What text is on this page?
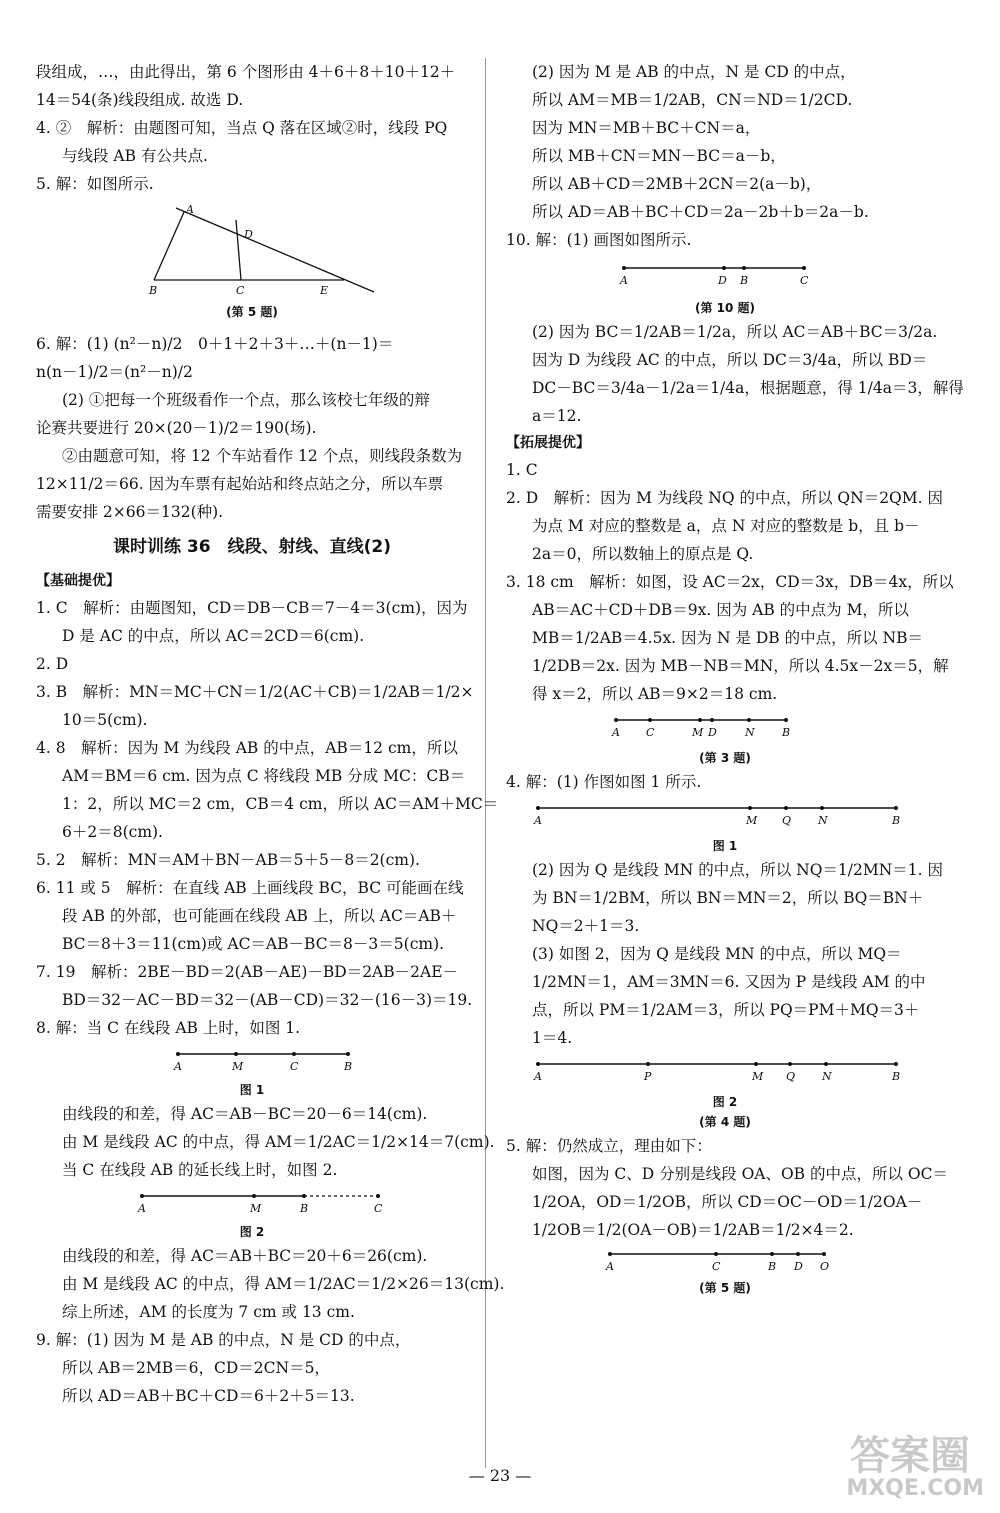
段组成，…，由此得出，第 6 个图形由 4＋6＋8＋10＋12＋

14＝54(条)线段组成. 故选 D.

4. ②　解析：由题图可知，当点 Q 落在区域②时，线段 PQ

与线段 AB 有公共点.

5. 解：如图所示.

A
D
B	C	E
(第 5 题)

6. 解：(1) (n²－n)/2　0＋1＋2＋3＋…＋(n－1)＝

n(n－1)/2＝(n²－n)/2

(2) ①把每一个班级看作一个点，那么该校七年级的辩

论赛共要进行 20×(20－1)/2＝190(场).

②由题意可知，将 12 个车站看作 12 个点，则线段条数为

12×11/2＝66. 因为车票有起始站和终点站之分，所以车票

需要安排 2×66＝132(种).

课时训练 36　线段、射线、直线(2)
【基础提优】

1. C　解析：由题图知，CD＝DB－CB＝7－4＝3(cm)，因为

D 是 AC 的中点，所以 AC＝2CD＝6(cm).

2. D

3. B　解析：MN＝MC＋CN＝1/2(AC＋CB)＝1/2AB＝1/2×

10＝5(cm).

4. 8　解析：因为 M 为线段 AB 的中点，AB＝12 cm，所以

AM＝BM＝6 cm. 因为点 C 将线段 MB 分成 MC：CB＝

1：2，所以 MC＝2 cm，CB＝4 cm，所以 AC＝AM＋MC＝

6＋2＝8(cm).

5. 2　解析：MN＝AM＋BN－AB＝5＋5－8＝2(cm).

6. 11 或 5　解析：在直线 AB 上画线段 BC，BC 可能画在线

段 AB 的外部，也可能画在线段 AB 上，所以 AC＝AB＋

BC＝8＋3＝11(cm)或 AC＝AB－BC＝8－3＝5(cm).

7. 19　解析：2BE－BD＝2(AB－AE)－BD＝2AB－2AE－

BD＝32－AC－BD＝32－(AB－CD)＝32－(16－3)＝19.

8. 解：当 C 在线段 AB 上时，如图 1.

A	M	C	B
图 1

由线段的和差，得 AC＝AB－BC＝20－6＝14(cm).

由 M 是线段 AC 的中点，得 AM＝1/2AC＝1/2×14＝7(cm).

当 C 在线段 AB 的延长线上时，如图 2.

A	M	B	C
图 2

由线段的和差，得 AC＝AB＋BC＝20＋6＝26(cm).

由 M 是线段 AC 的中点，得 AM＝1/2AC＝1/2×26＝13(cm).

综上所述，AM 的长度为 7 cm 或 13 cm.

9. 解：(1) 因为 M 是 AB 的中点，N 是 CD 的中点，

所以 AB＝2MB＝6，CD＝2CN＝5，

所以 AD＝AB＋BC＋CD＝6＋2＋5＝13.

(2) 因为 M 是 AB 的中点，N 是 CD 的中点，

所以 AM＝MB＝1/2AB，CN＝ND＝1/2CD.

因为 MN＝MB＋BC＋CN＝a，

所以 MB＋CN＝MN－BC＝a－b，

所以 AB＋CD＝2MB＋2CN＝2(a－b)，

所以 AD＝AB＋BC＋CD＝2a－2b＋b＝2a－b.

10. 解：(1) 画图如图所示.

A	D B	C
(第 10 题)

(2) 因为 BC＝1/2AB＝1/2a，所以 AC＝AB＋BC＝3/2a.

因为 D 为线段 AC 的中点，所以 DC＝3/4a，所以 BD＝

DC－BC＝3/4a－1/2a＝1/4a，根据题意，得 1/4a＝3，解得

a＝12.

【拓展提优】

1. C

2. D　解析：因为 M 为线段 NQ 的中点，所以 QN＝2QM. 因

为点 M 对应的整数是 a，点 N 对应的整数是 b，且 b－

2a＝0，所以数轴上的原点是 Q.

3. 18 cm　解析：如图，设 AC＝2x，CD＝3x，DB＝4x，所以

AB＝AC＋CD＋DB＝9x. 因为 AB 的中点为 M，所以

MB＝1/2AB＝4.5x. 因为 N 是 DB 的中点，所以 NB＝

1/2DB＝2x. 因为 MB－NB＝MN，所以 4.5x－2x＝5，解

得 x＝2，所以 AB＝9×2＝18 cm.

A C	M D	N B
(第 3 题)

4. 解：(1) 作图如图 1 所示.

A	M Q N	B
图 1

(2) 因为 Q 是线段 MN 的中点，所以 NQ＝1/2MN＝1. 因

为 BN＝1/2BM，所以 BN＝MN＝2，所以 BQ＝BN＋

NQ＝2＋1＝3.

(3) 如图 2，因为 Q 是线段 MN 的中点，所以 MQ＝

1/2MN＝1，AM＝3MN＝6. 又因为 P 是线段 AM 的中

点，所以 PM＝1/2AM＝3，所以 PQ＝PM＋MQ＝3＋

1＝4.

A	P	M Q N	B
图 2
(第 4 题)

5. 解：仍然成立，理由如下：

如图，因为 C、D 分别是线段 OA、OB 的中点，所以 OC＝

1/2OA，OD＝1/2OB，所以 CD＝OC－OD＝1/2OA－

1/2OB＝1/2(OA－OB)＝1/2AB＝1/2×4＝2.

A	C	B D O
(第 5 题)
— 23 —	答案圈
MXQE.COM
